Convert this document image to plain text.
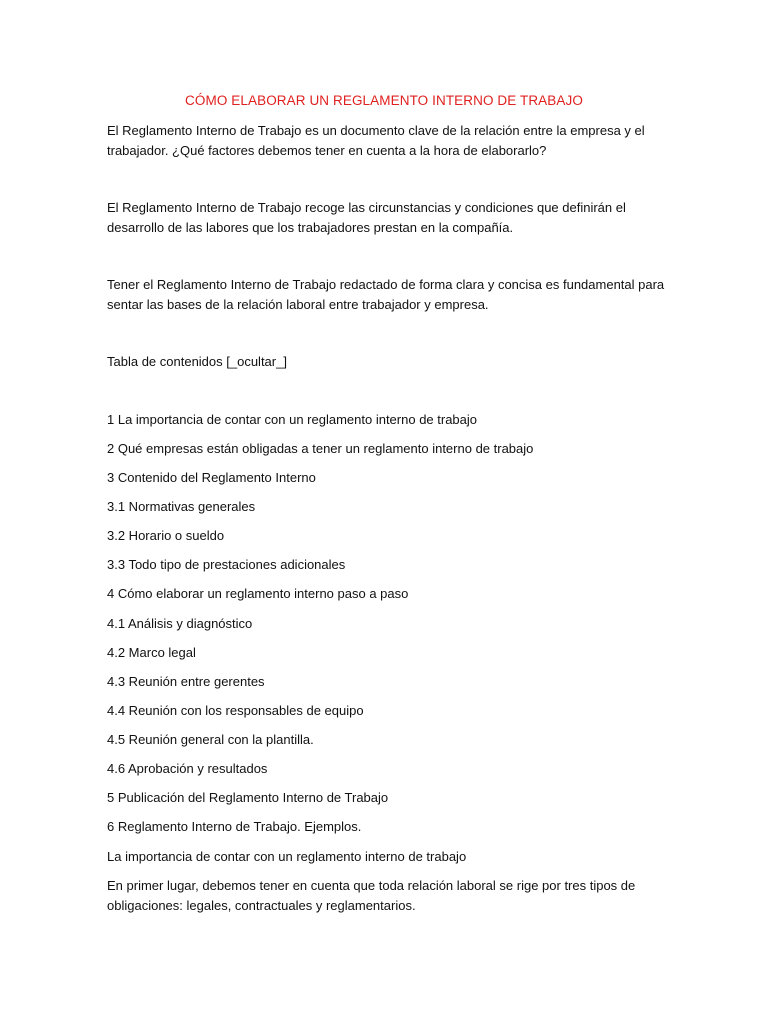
CÓMO ELABORAR UN REGLAMENTO INTERNO DE TRABAJO

El Reglamento Interno de Trabajo es un documento clave de la relación entre la empresa y el trabajador. ¿Qué factores debemos tener en cuenta a la hora de elaborarlo?

El Reglamento Interno de Trabajo recoge las circunstancias y condiciones que definirán el desarrollo de las labores que los trabajadores prestan en la compañía.

Tener el Reglamento Interno de Trabajo redactado de forma clara y concisa es fundamental para sentar las bases de la relación laboral entre trabajador y empresa.

Tabla de contenidos [_ocultar_]

1 La importancia de contar con un reglamento interno de trabajo

2 Qué empresas están obligadas a tener un reglamento interno de trabajo

3 Contenido del Reglamento Interno

3.1 Normativas generales

3.2 Horario o sueldo

3.3 Todo tipo de prestaciones adicionales

4 Cómo elaborar un reglamento interno paso a paso

4.1 Análisis y diagnóstico

4.2 Marco legal

4.3 Reunión entre gerentes

4.4 Reunión con los responsables de equipo

4.5 Reunión general con la plantilla.

4.6 Aprobación y resultados

5 Publicación del Reglamento Interno de Trabajo

6 Reglamento Interno de Trabajo. Ejemplos.

La importancia de contar con un reglamento interno de trabajo

En primer lugar, debemos tener en cuenta que toda relación laboral se rige por tres tipos de obligaciones: legales, contractuales y reglamentarios.
